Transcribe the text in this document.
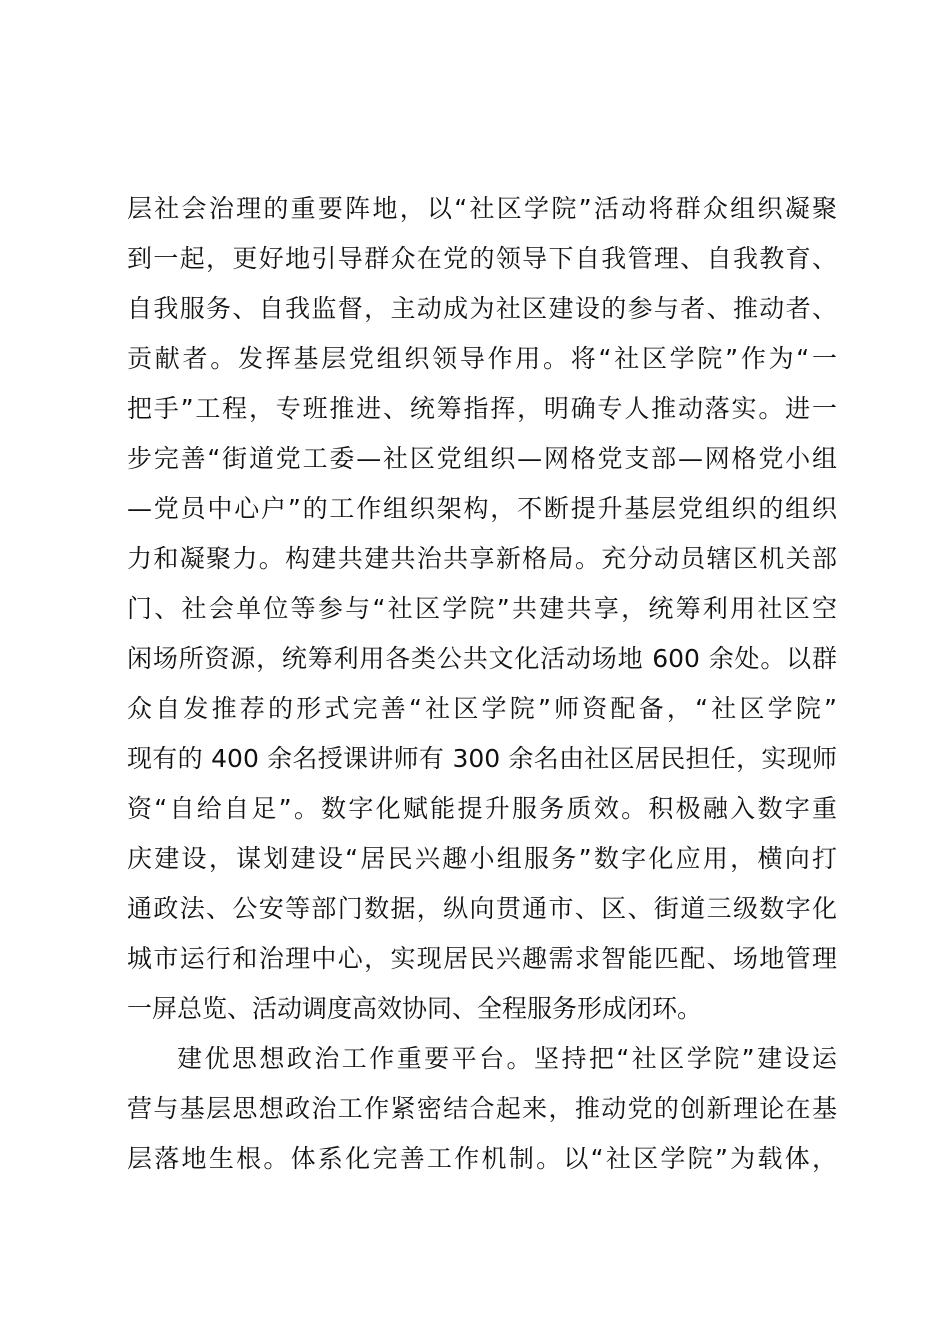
层社会治理的重要阵地，以“社区学院”活动将群众组织凝聚
到一起，更好地引导群众在党的领导下自我管理、自我教育、
自我服务、自我监督，主动成为社区建设的参与者、推动者、
贡献者。发挥基层党组织领导作用。将“社区学院”作为“一
把手”工程，专班推进、统筹指挥，明确专人推动落实。进一
步完善“街道党工委—社区党组织—网格党支部—网格党小组
—党员中心户”的工作组织架构，不断提升基层党组织的组织
力和凝聚力。构建共建共治共享新格局。充分动员辖区机关部
门、社会单位等参与“社区学院”共建共享，统筹利用社区空
闲场所资源，统筹利用各类公共文化活动场地 600 余处。以群
众自发推荐的形式完善“社区学院”师资配备，“社区学院”
现有的 400 余名授课讲师有 300 余名由社区居民担任，实现师
资“自给自足”。数字化赋能提升服务质效。积极融入数字重
庆建设，谋划建设“居民兴趣小组服务”数字化应用，横向打
通政法、公安等部门数据，纵向贯通市、区、街道三级数字化
城市运行和治理中心，实现居民兴趣需求智能匹配、场地管理
一屏总览、活动调度高效协同、全程服务形成闭环。
建优思想政治工作重要平台。坚持把“社区学院”建设运
营与基层思想政治工作紧密结合起来，推动党的创新理论在基
层落地生根。体系化完善工作机制。以“社区学院”为载体，
